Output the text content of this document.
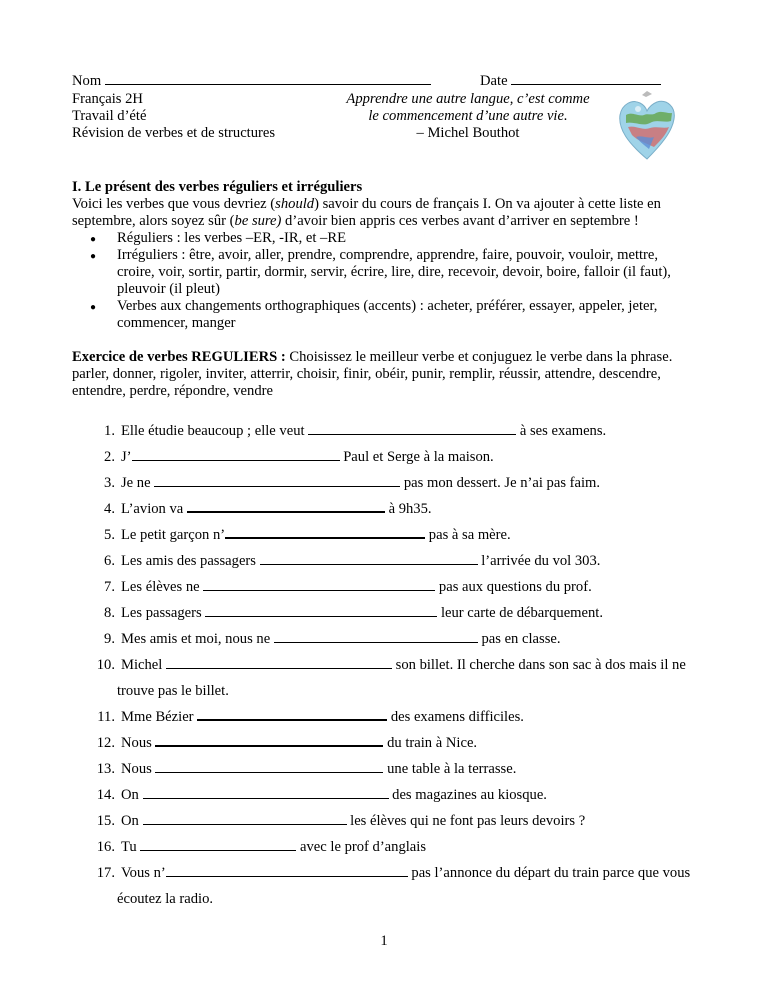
Nom	Date
Français 2H
Travail d’été
Révision de verbes et de structures
Apprendre une autre langue, c’est comme
le commencement d’une autre vie.
– Michel Bouthot
I. Le présent des verbes réguliers et irréguliers
Voici les verbes que vous devriez (should) savoir du cours de français I. On va ajouter à cette liste en
septembre, alors soyez sûr (be sure) d’avoir bien appris ces verbes avant d’arriver en septembre !
● Réguliers : les verbes –ER, -IR, et –RE
● Irréguliers : être, avoir, aller, prendre, comprendre, apprendre, faire, pouvoir, vouloir, mettre,
croire, voir, sortir, partir, dormir, servir, écrire, lire, dire, recevoir, devoir, boire, falloir (il faut),
pleuvoir (il pleut)
● Verbes aux changements orthographiques (accents) : acheter, préférer, essayer, appeler, jeter,
commencer, manger
Exercice de verbes REGULIERS : Choisissez le meilleur verbe et conjuguez le verbe dans la phrase.
parler, donner, rigoler, inviter, atterrir, choisir, finir, obéir, punir, remplir, réussir, attendre, descendre,
entendre, perdre, répondre, vendre
1. Elle étudie beaucoup ; elle veut	à ses examens.
2. J’	Paul et Serge à la maison.
3. Je ne	pas mon dessert. Je n’ai pas faim.
4. L’avion va	à 9h35.
5. Le petit garçon n’	pas à sa mère.
6. Les amis des passagers	l’arrivée du vol 303.
7. Les élèves ne	pas aux questions du prof.
8. Les passagers	leur carte de débarquement.
9. Mes amis et moi, nous ne	pas en classe.
10. Michel	son billet. Il cherche dans son sac à dos mais il ne
trouve pas le billet.
11. Mme Bézier	des examens difficiles.
12. Nous	du train à Nice.
13. Nous	une table à la terrasse.
14. On	des magazines au kiosque.
15. On	les élèves qui ne font pas leurs devoirs ?
16. Tu	avec le prof d’anglais
17. Vous n’	pas l’annonce du départ du train parce que vous
écoutez la radio.
1
